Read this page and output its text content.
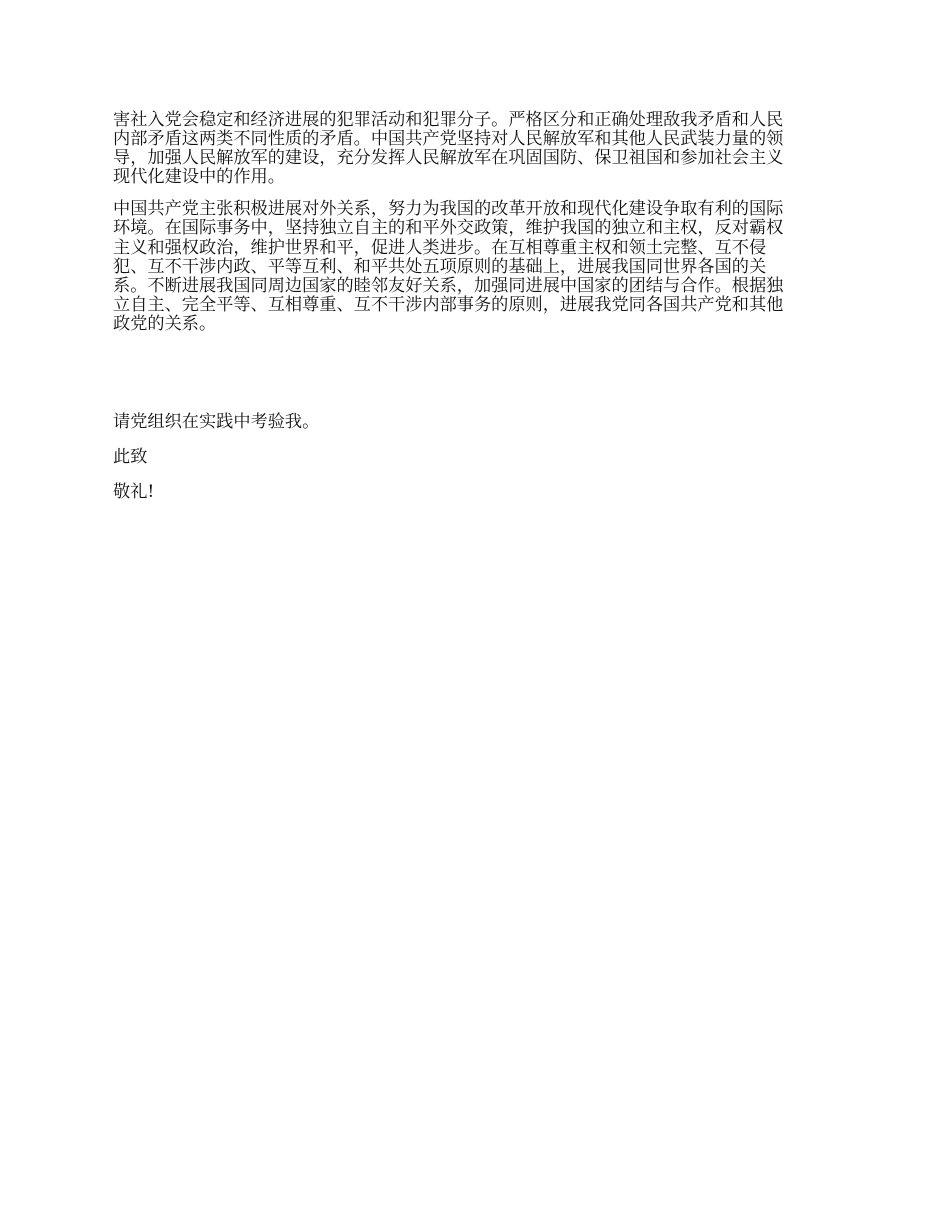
害社入党会稳定和经济进展的犯罪活动和犯罪分子。严格区分和正确处理敌我矛盾和人民
内部矛盾这两类不同性质的矛盾。中国共产党坚持对人民解放军和其他人民武装力量的领
导，加强人民解放军的建设，充分发挥人民解放军在巩固国防、保卫祖国和参加社会主义
现代化建设中的作用。

中国共产党主张积极进展对外关系，努力为我国的改革开放和现代化建设争取有利的国际
环境。在国际事务中，坚持独立自主的和平外交政策，维护我国的独立和主权，反对霸权
主义和强权政治，维护世界和平，促进人类进步。在互相尊重主权和领土完整、互不侵
犯、互不干涉内政、平等互利、和平共处五项原则的基础上，进展我国同世界各国的关
系。不断进展我国同周边国家的睦邻友好关系，加强同进展中国家的团结与合作。根据独
立自主、完全平等、互相尊重、互不干涉内部事务的原则，进展我党同各国共产党和其他
政党的关系。

请党组织在实践中考验我。

此致

敬礼!
